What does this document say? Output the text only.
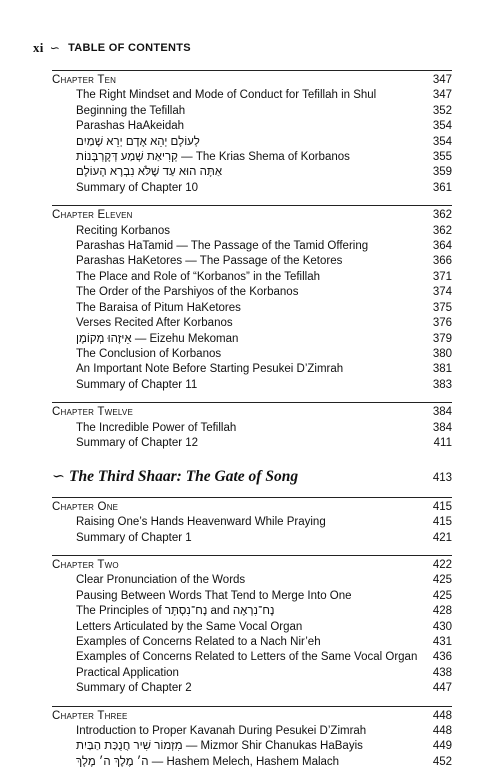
xi ∽ TABLE OF CONTENTS
Chapter Ten	347
The Right Mindset and Mode of Conduct for Tefillah in Shul	347
Beginning the Tefillah	352
Parashas HaAkeidah	354
לְעוֹלָם יְהֵא אָדָם יְרֵא שָׁמַיִם	354
קְרִיאַת שְׁמַע דְּקָרְבָּנוֹת — The Krias Shema of Korbanos	355
אַתָּה הוּא עַד שֶׁלֹּא נִבְרָא הָעוֹלָם	359
Summary of Chapter 10	361
Chapter Eleven	362
Reciting Korbanos	362
Parashas HaTamid — The Passage of the Tamid Offering	364
Parashas HaKetores — The Passage of the Ketores	366
The Place and Role of “Korbanos” in the Tefillah	371
The Order of the Parshiyos of the Korbanos	374
The Baraisa of Pitum HaKetores	375
Verses Recited After Korbanos	376
אֵיזֶהוּ מְקוֹמָן — Eizehu Mekoman	379
The Conclusion of Korbanos	380
An Important Note Before Starting Pesukei D’Zimrah	381
Summary of Chapter 11	383
Chapter Twelve	384
The Incredible Power of Tefillah	384
Summary of Chapter 12	411
∽ The Third Shaar: The Gate of Song	413
Chapter One	415
Raising One’s Hands Heavenward While Praying	415
Summary of Chapter 1	421
Chapter Two	422
Clear Pronunciation of the Words	425
Pausing Between Words That Tend to Merge Into One	425
The Principles of נָח־נִסְתָּר and נָח־נִרְאֶה	428
Letters Articulated by the Same Vocal Organ	430
Examples of Concerns Related to a Nach Nir’eh	431
Examples of Concerns Related to Letters of the Same Vocal Organ	436
Practical Application	438
Summary of Chapter 2	447
Chapter Three	448
Introduction to Proper Kavanah During Pesukei D’Zimrah	448
מִזְמוֹר שִׁיר חֲנֻכַּת הַבַּיִת — Mizmor Shir Chanukas HaBayis	449
ה׳ מֶלֶךְ ה׳ מָלָךְ — Hashem Melech, Hashem Malach	452
